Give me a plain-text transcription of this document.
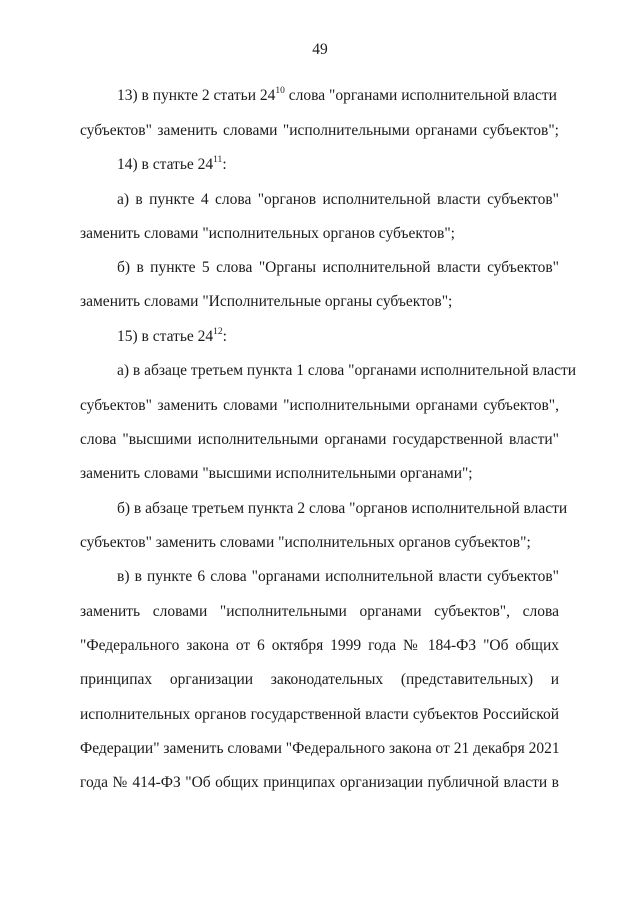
49
13) в пункте 2 статьи $24^{10}$ слова "органами исполнительной власти
субъектов" заменить словами "исполнительными органами субъектов";
14) в статье $24^{11}$:
а) в пункте 4 слова "органов исполнительной власти субъектов"
заменить словами "исполнительных органов субъектов";
б) в пункте 5 слова "Органы исполнительной власти субъектов"
заменить словами "Исполнительные органы субъектов";
15) в статье $24^{12}$:
а) в абзаце третьем пункта 1 слова "органами исполнительной власти
субъектов" заменить словами "исполнительными органами субъектов",
слова "высшими исполнительными органами государственной власти"
заменить словами "высшими исполнительными органами";
б) в абзаце третьем пункта 2 слова "органов исполнительной власти
субъектов" заменить словами "исполнительных органов субъектов";
в) в пункте 6 слова "органами исполнительной власти субъектов"
заменить словами "исполнительными органами субъектов", слова
"Федерального закона от 6 октября 1999 года № 184-ФЗ "Об общих
принципах организации законодательных (представительных) и
исполнительных органов государственной власти субъектов Российской
Федерации" заменить словами "Федерального закона от 21 декабря 2021
года № 414-ФЗ "Об общих принципах организации публичной власти в
